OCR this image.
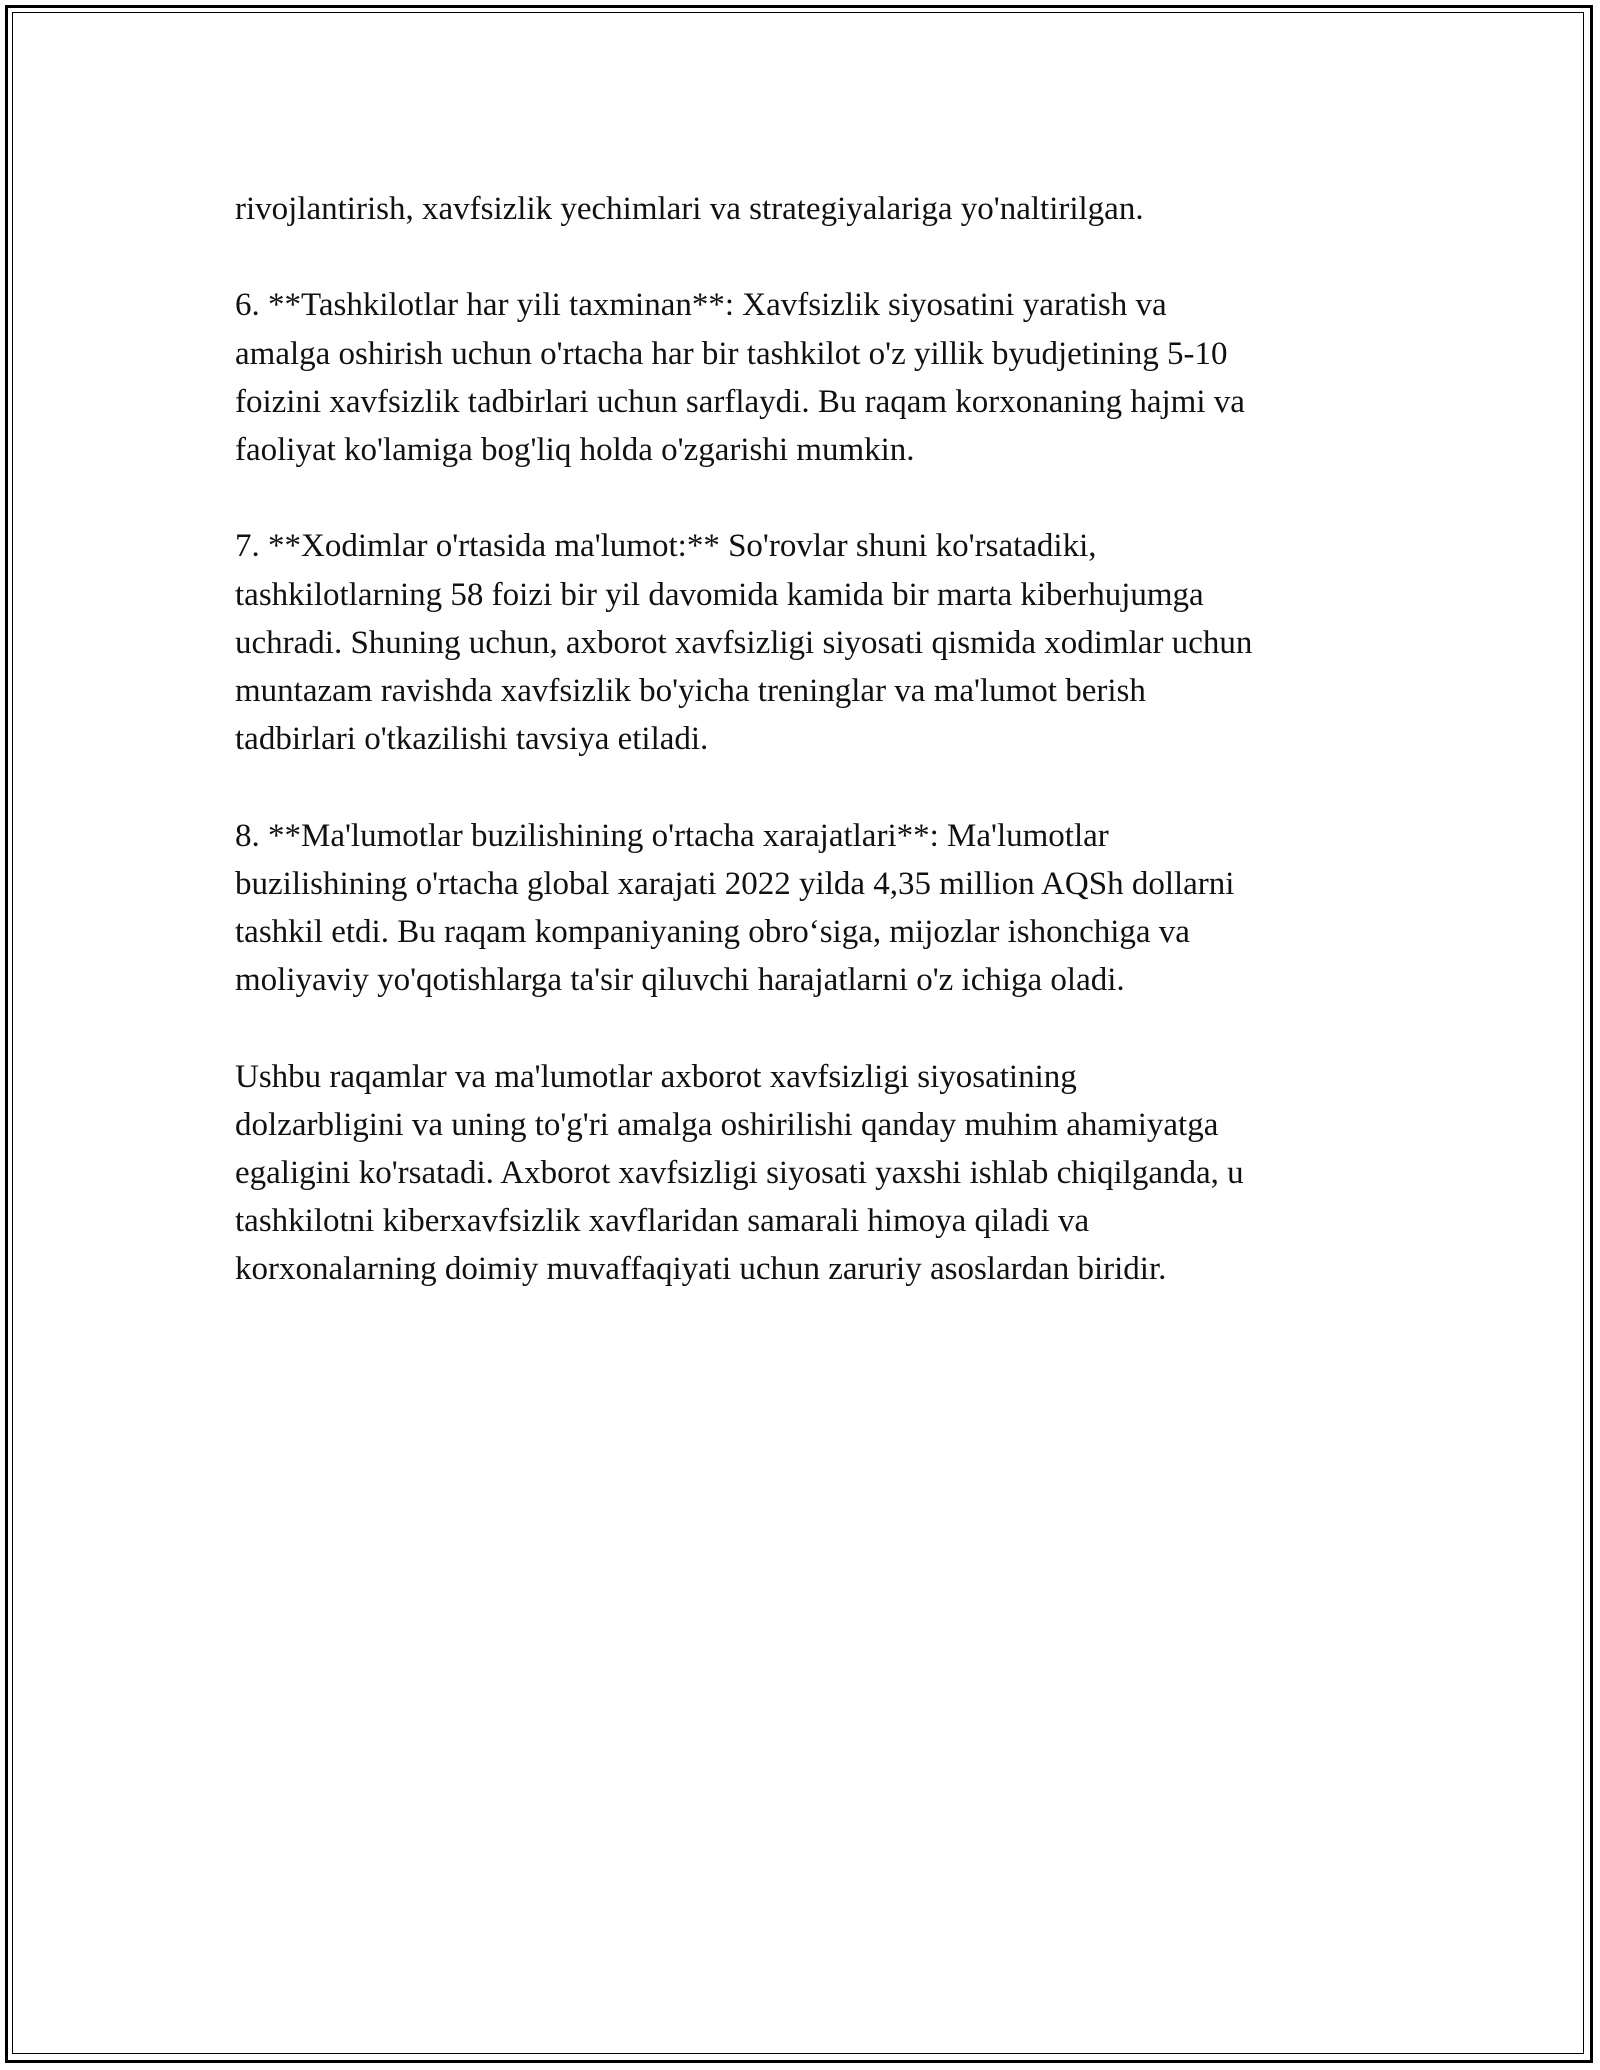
rivojlantirish, xavfsizlik yechimlari va strategiyalariga yo'naltirilgan.

6. **Tashkilotlar har yili taxminan**: Xavfsizlik siyosatini yaratish va
amalga oshirish uchun o'rtacha har bir tashkilot o'z yillik byudjetining 5-10
foizini xavfsizlik tadbirlari uchun sarflaydi. Bu raqam korxonaning hajmi va
faoliyat ko'lamiga bog'liq holda o'zgarishi mumkin.

7. **Xodimlar o'rtasida ma'lumot:** So'rovlar shuni ko'rsatadiki,
tashkilotlarning 58 foizi bir yil davomida kamida bir marta kiberhujumga
uchradi. Shuning uchun, axborot xavfsizligi siyosati qismida xodimlar uchun
muntazam ravishda xavfsizlik bo'yicha treninglar va ma'lumot berish
tadbirlari o'tkazilishi tavsiya etiladi.

8. **Ma'lumotlar buzilishining o'rtacha xarajatlari**: Ma'lumotlar
buzilishining o'rtacha global xarajati 2022 yilda 4,35 million AQSh dollarni
tashkil etdi. Bu raqam kompaniyaning obro‘siga, mijozlar ishonchiga va
moliyaviy yo'qotishlarga ta'sir qiluvchi harajatlarni o'z ichiga oladi.

Ushbu raqamlar va ma'lumotlar axborot xavfsizligi siyosatining
dolzarbligini va uning to'g'ri amalga oshirilishi qanday muhim ahamiyatga
egaligini ko'rsatadi. Axborot xavfsizligi siyosati yaxshi ishlab chiqilganda, u
tashkilotni kiberxavfsizlik xavflaridan samarali himoya qiladi va
korxonalarning doimiy muvaffaqiyati uchun zaruriy asoslardan biridir.
